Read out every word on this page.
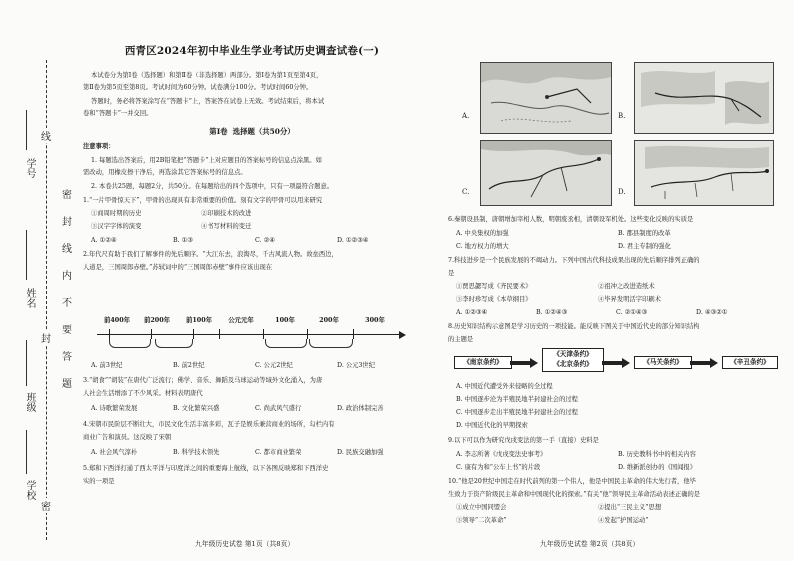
学号
姓名
班级
学校
密
封
线
内
不
要
答
题
线
封
密
西青区2024年初中毕业生学业考试历史调查试卷(一)
本试卷分为第Ⅰ卷（选择题）和第Ⅱ卷（非选择题）两部分。第Ⅰ卷为第1页至第4页，
第Ⅱ卷为第5页至第8页。考试时间为60分钟。试卷满分100分。考试时间60分钟。
答题时，务必将答案涂写在“答题卡”上，答案答在试卷上无效。考试结束后，将本试
卷和“答题卡”一并交回。
第Ⅰ卷  选择题（共50分）
注意事项：
1. 每题选出答案后，用2B铅笔把“答题卡”上对应题目的答案标号的信息点涂黑。如
需改动，用橡皮擦干净后，再选涂其它答案标号的信息点。
2. 本卷共25题，每题2分，共50分。在每题给出的四个选项中，只有一项最符合题意。
1.“一片甲骨惊天下”，甲骨的出现具有非常重要的价值。刻有文字的甲骨可以用来研究
①商周时期的历史	②印刷技术的改进
③汉字字体的演变	④书写材料的变迁
A. ①②④	B. ①③	C. ②④	D. ①②③④
2.年代尺有助于我们了解事件的先后顺序。“大江东去，浪淘尽，千古风流人物。故垒西边，
人道是，三国周郎赤壁。”苏轼词中的“三国周郎赤壁”事件应该出现在
前400年 前200年 前100年	公元元年	100年	200年	300年
A. 前3世纪	B. 前2世纪	C. 公元2世纪	D. 公元3世纪
3.“胡食”“胡装”在唐代广泛流行；佛学、音乐、舞蹈及马球运动等域外文化涌入，为唐
人社会生活增添了不少风采。材料表明唐代
A. 诗歌繁荣发展	B. 文化繁荣兴盛	C. 尚武风气盛行	D. 政治体制完善
4.宋朝市民阶层不断壮大，市民文化生活丰富多彩，瓦子是娱乐兼营商业的场所，勾栏内有
商业广告和演员。这反映了宋朝
A. 社会风气淳朴	B. 科学技术领先	C. 都市商业繁荣	D. 民族交融加强
5.郑和下西洋打通了西太平洋与印度洋之间的重要海上航线，以下各图反映郑和下西洋史
实的一项是
九年级历史试卷 第1页（共8页）
A.	B.
C.	D.
6.秦朝设县制，唐朝增加宰相人数，明朝废丞相，清朝设军机处。这些变化反映的实质是
A. 中央集权的加强	B. 郡县制度的改革
C. 地方权力的增大	D. 君主专制的强化
7.科技进步是一个民族发展的不竭动力。下列中国古代科技成果出现的先后顺序排列正确的
是
①贾思勰写成《齐民要术》	②祖冲之改进造纸术
③李时珍写成《本草纲目》	④毕昇发明活字印刷术
A. ①②③④	B. ①②④③	C. ②①④③	D. ④③②①
8.历史知识结构示意图是学习历史的一项技能。能反映下图关于中国近代史的部分知识结构
的主题是
《南京条约》
《天津条约》
《北京条约》	《马关条约》	《辛丑条约》
A. 中国近代遭受外来侵略的全过程
B. 中国逐步沦为半殖民地半封建社会的过程
C. 中国逐步走出半殖民地半封建社会的过程
D. 中国近代化的早期探索
9.以下可以作为研究戊戌变法的第一手（直接）史料是
A. 李志所著《戊戌变法史事考》	B. 历史教科书中的相关内容
C. 康有为和“公车上书”的片段	D. 维新派创办的《国闻报》
10.“他是20世纪中国走在时代前列的第一个伟人，他是中国民主革命的伟大先行者，他毕
生致力于资产阶级民主革命和中国现代化的探索。”有关“他”领导民主革命活动表述正确的是
①成立中国同盟会	②提出“三民主义”思想
③领导“二次革命”	④发起“护国运动”
九年级历史试卷 第2页（共8页）
